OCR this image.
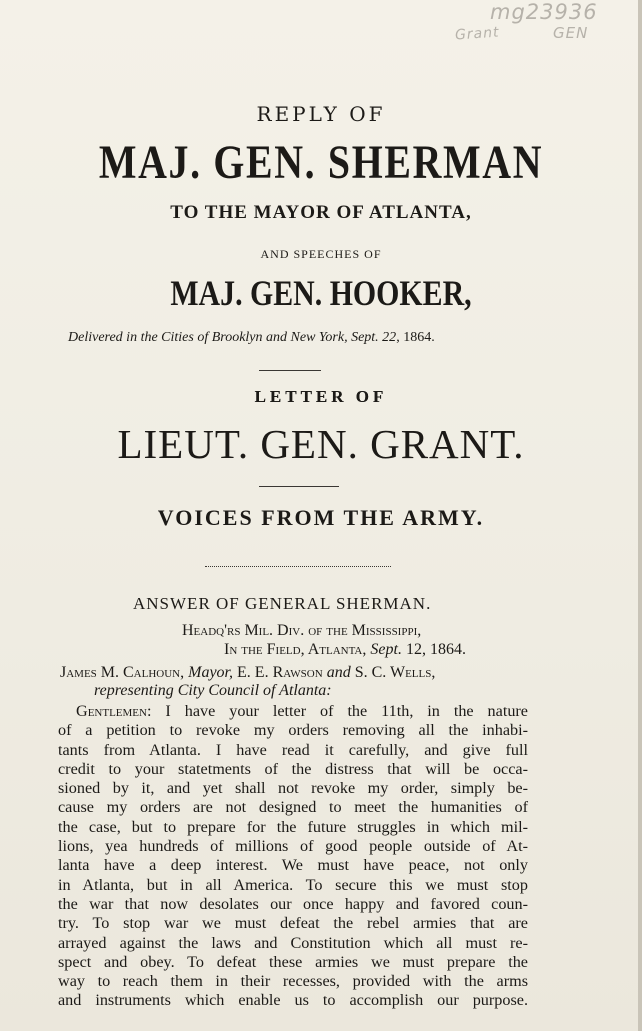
mg23936
Grant	GEN
REPLY OF
MAJ. GEN. SHERMAN
TO THE MAYOR OF ATLANTA,
AND SPEECHES OF
MAJ. GEN. HOOKER,
Delivered in the Cities of Brooklyn and New York, Sept. 22, 1864.
LETTER OF
LIEUT. GEN. GRANT.
VOICES FROM THE ARMY.
ANSWER OF GENERAL SHERMAN.
Headq'rs Mil. Div. of the Mississippi,
In the Field, Atlanta, Sept. 12, 1864.
James M. Calhoun, Mayor, E. E. Rawson and S. C. Wells,
representing City Council of Atlanta:
Gentlemen: I have your letter of the 11th, in the nature
of a petition to revoke my orders removing all the inhabi-
tants from Atlanta. I have read it carefully, and give full
credit to your statetments of the distress that will be occa-
sioned by it, and yet shall not revoke my order, simply be-
cause my orders are not designed to meet the humanities of
the case, but to prepare for the future struggles in which mil-
lions, yea hundreds of millions of good people outside of At-
lanta have a deep interest. We must have peace, not only
in Atlanta, but in all America. To secure this we must stop
the war that now desolates our once happy and favored coun-
try. To stop war we must defeat the rebel armies that are
arrayed against the laws and Constitution which all must re-
spect and obey. To defeat these armies we must prepare the
way to reach them in their recesses, provided with the arms
and instruments which enable us to accomplish our purpose.
